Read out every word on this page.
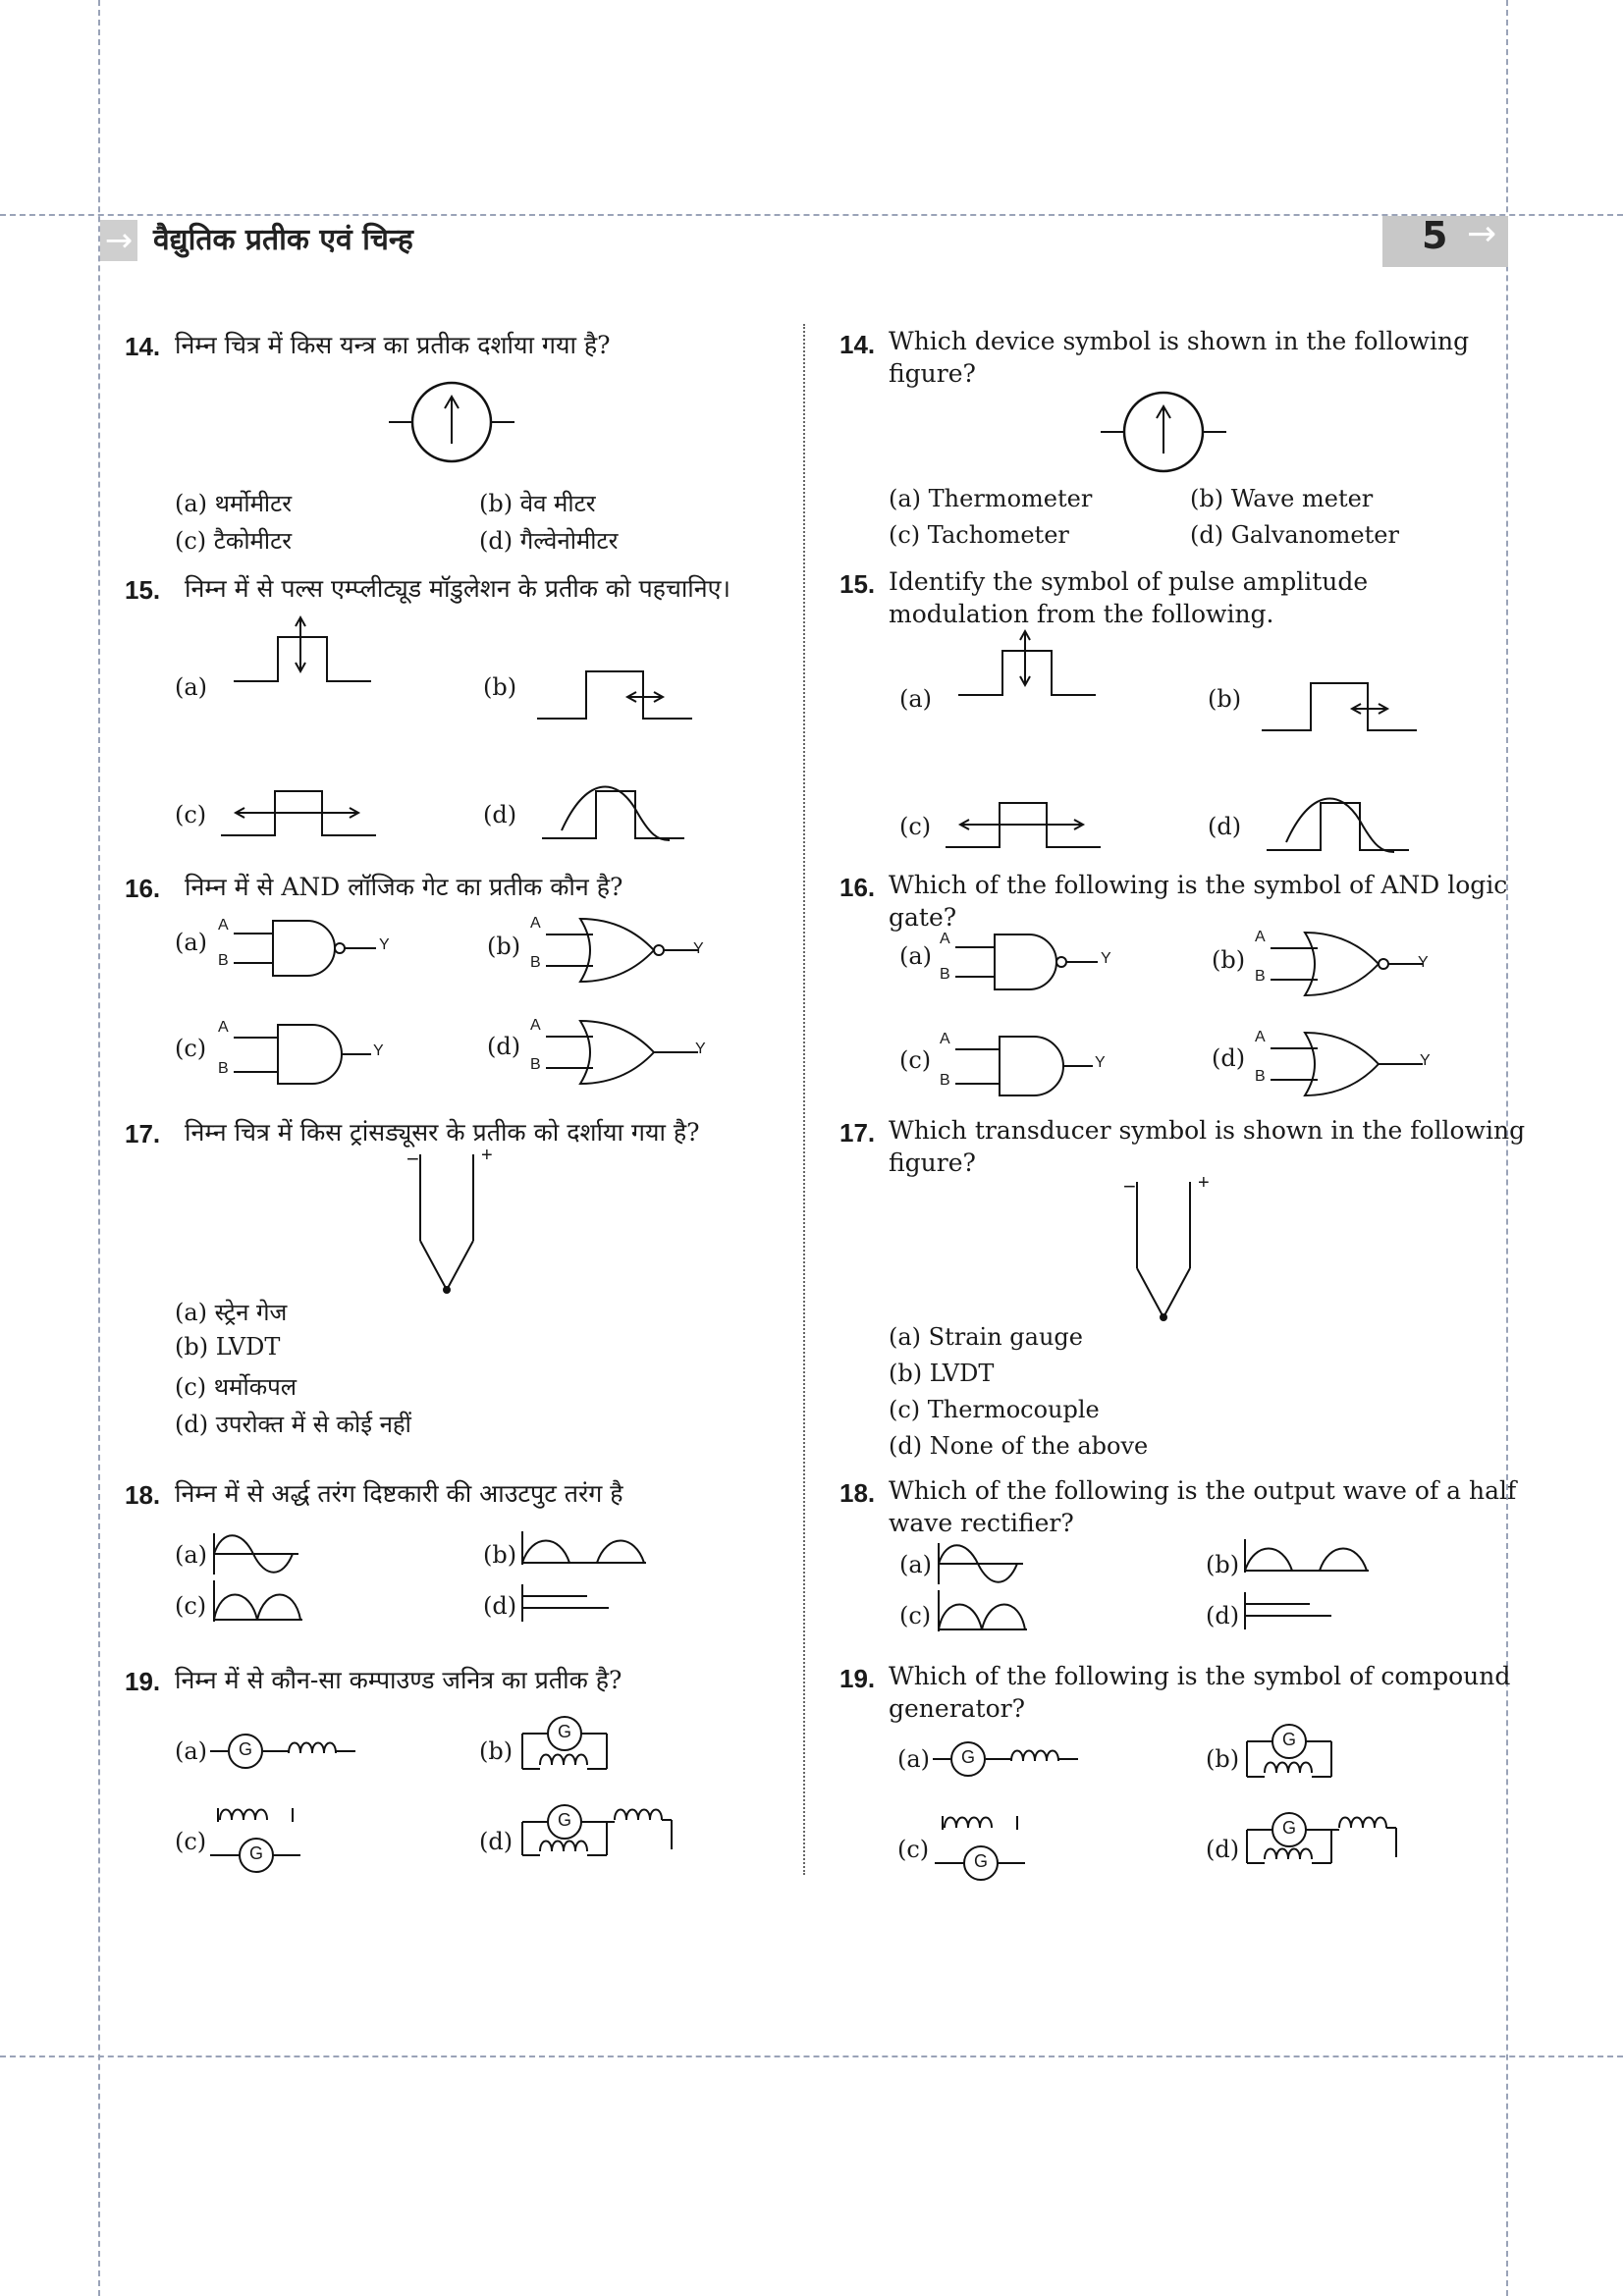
→ वैद्युतिक प्रतीक एवं चिन्ह	5 →
14. निम्न चित्र में किस यन्त्र का प्रतीक दर्शाया गया है?
(a) थर्मोमीटर	(b) वेव मीटर
(c) टैकोमीटर	(d) गैल्वेनोमीटर
15. निम्न में से पल्स एम्प्लीट्यूड मॉडुलेशन के प्रतीक को पहचानिए।
(a)	(b)
(c)	(d)
16. निम्न में से AND लॉजिक गेट का प्रतीक कौन है?
(a)
A
B
Y	(b)
A
B
Y
(c)
A
B
Y	(d)
A
B
Y
17. निम्न चित्र में किस ट्रांसड्यूसर के प्रतीक को दर्शाया गया है?
−	+
(a) स्ट्रेन गेज
(b) LVDT
(c) थर्मोकपल
(d) उपरोक्त में से कोई नहीं
18. निम्न में से अर्द्ध तरंग दिष्टकारी की आउटपुट तरंग है
(a)	(b)
(c)	(d)
19. निम्न में से कौन-सा कम्पाउण्ड जनित्र का प्रतीक है?
(a) G	(b)
G
(c) G	(d)
G
14. Which device symbol is shown in the following
figure?
(a) Thermometer	(b) Wave meter
(c) Tachometer	(d) Galvanometer
15. Identify the symbol of pulse amplitude
modulation from the following.
(a)	(b)
(c)	(d)
16. Which of the following is the symbol of AND logic
gate?
(a)
A
B
Y	(b)
A
B
Y
(c)
A
B
Y	(d)
A
B
Y
17. Which transducer symbol is shown in the following
figure?
−	+
(a) Strain gauge
(b) LVDT
(c) Thermocouple
(d) None of the above
18. Which of the following is the output wave of a half
wave rectifier?
(a)	(b)
(c)	(d)
19. Which of the following is the symbol of compound
generator?
(a) G	(b)
G
(c)	G	(d)
G
